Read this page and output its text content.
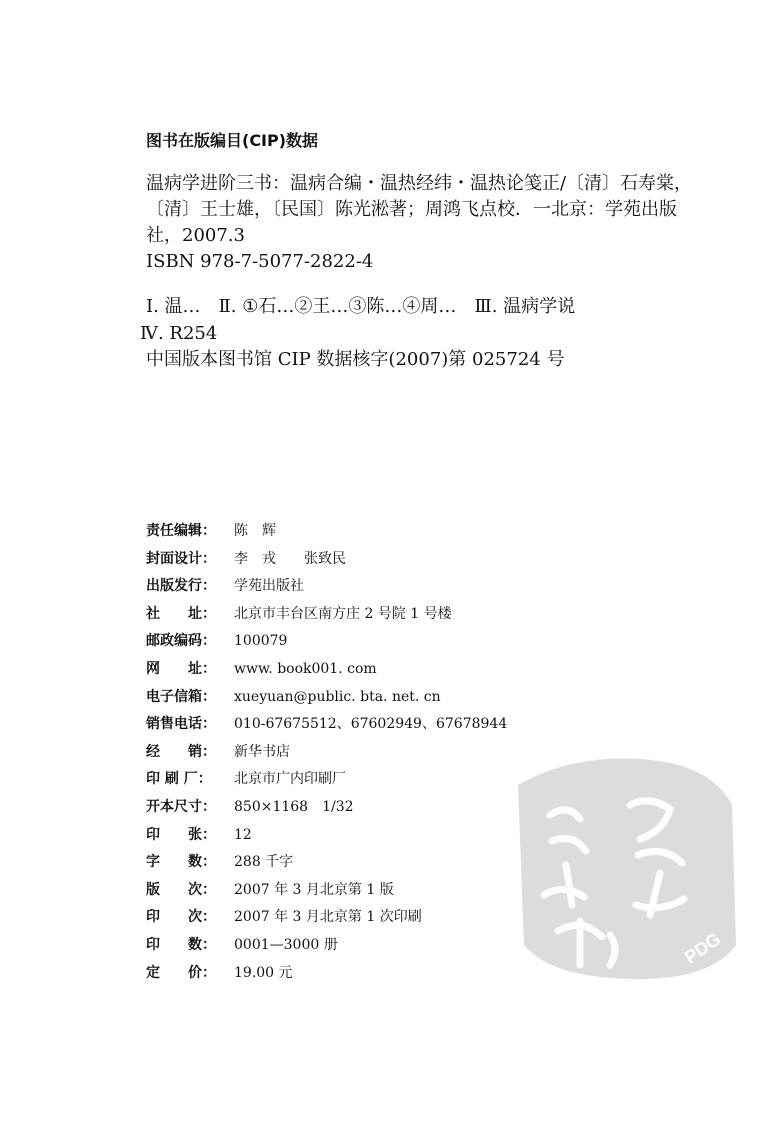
图书在版编目(CIP)数据

温病学进阶三书：温病合编・温热经纬・温热论笺正/〔清〕石寿棠，〔清〕王士雄，〔民国〕陈光淞著；周鸿飞点校．一北京：学苑出版社，2007.3

ISBN 978-7-5077-2822-4

Ⅰ. 温…　Ⅱ. ①石…②王…③陈…④周…　Ⅲ. 温病学说

Ⅳ. R254

中国版本图书馆 CIP 数据核字(2007)第 025724 号

责任编辑：	陈　辉
封面设计：	李　戎　　张致民
出版发行：	学苑出版社
社　　址：	北京市丰台区南方庄 2 号院 1 号楼
邮政编码：	100079
网　　址：	www. book001. com
电子信箱：	xueyuan@public. bta. net. cn
销售电话：	010-67675512、67602949、67678944
经　　销：	新华书店
印 刷 厂：	北京市广内印刷厂
开本尺寸：	850×1168　1/32
印　　张：	12
字　　数：	288 千字
版　　次：	2007 年 3 月北京第 1 版
印　　次：	2007 年 3 月北京第 1 次印刷
印　　数：	0001—3000 册
定　　价：	19.00 元
PDG
